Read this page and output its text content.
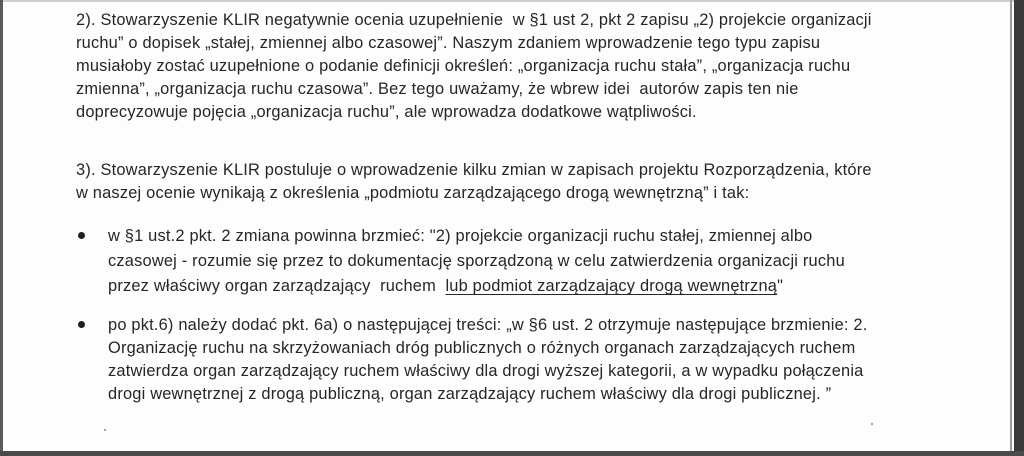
2). Stowarzyszenie KLIR negatywnie ocenia uzupełnienie  w §1 ust 2, pkt 2 zapisu „2) projekcie organizacji
ruchu” o dopisek „stałej, zmiennej albo czasowej”. Naszym zdaniem wprowadzenie tego typu zapisu
musiałoby zostać uzupełnione o podanie definicji określeń: „organizacja ruchu stała”, „organizacja ruchu
zmienna”, „organizacja ruchu czasowa”. Bez tego uważamy, że wbrew idei  autorów zapis ten nie
doprecyzowuje pojęcia „organizacja ruchu”, ale wprowadza dodatkowe wątpliwości.
3). Stowarzyszenie KLIR postuluje o wprowadzenie kilku zmian w zapisach projektu Rozporządzenia, które
w naszej ocenie wynikają z określenia „podmiotu zarządzającego drogą wewnętrzną” i tak:
w §1 ust.2 pkt. 2 zmiana powinna brzmieć: "2) projekcie organizacji ruchu stałej, zmiennej albo
czasowej - rozumie się przez to dokumentację sporządzoną w celu zatwierdzenia organizacji ruchu
przez właściwy organ zarządzający  ruchem  lub podmiot zarządzający drogą wewnętrzną"
po pkt.6) należy dodać pkt. 6a) o następującej treści: „w §6 ust. 2 otrzymuje następujące brzmienie: 2.
Organizację ruchu na skrzyżowaniach dróg publicznych o różnych organach zarządzających ruchem
zatwierdza organ zarządzający ruchem właściwy dla drogi wyższej kategorii, a w wypadku połączenia
drogi wewnętrznej z drogą publiczną, organ zarządzający ruchem właściwy dla drogi publicznej. ”
